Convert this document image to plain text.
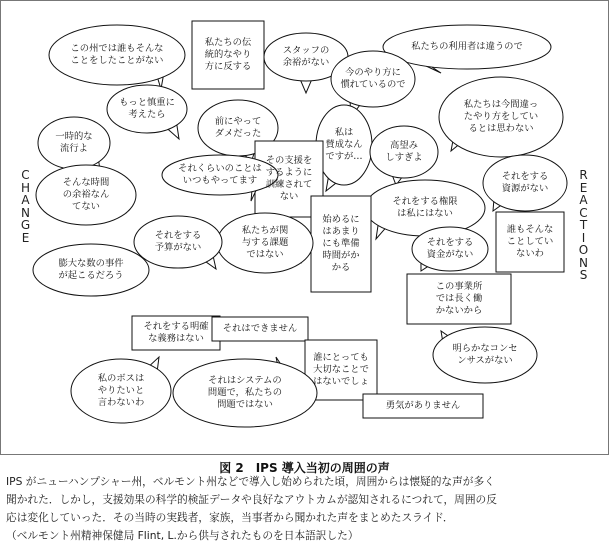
C
H
A
N
G
E
R
E
A
C
T
I
O
N
S
この州では誰もそんな
ことをしたことがない
私たちの伝
統的なやり
方に反する
スタッフの
余裕がない
私たちの利用者は違うので
今のやり方に
慣れているので
もっと慎重に
考えたら
私たちは今間違っ
たやり方をしてい
るとは思わない
前にやって
ダメだった
一時的な
流行よ
私は
賛成なん
ですが…
高望み
しすぎよ
その支援を
するように
訓練されて
ない
それくらいのことは
いつもやってます	それをする
資源がない
そんな時間
の余裕なん
てない	それをする権限
は私にはない
始めるに
はあまり
にも準備
時間がか
かる
私たちが関
与する課題
ではない
それをする
予算がない	それをする
資金がない
誰もそんな
ことしてい
ないわ
膨大な数の事件
が起こるだろう
この事業所
では長く働
かないから
それをする明確
な義務はない
それはできません
明らかなコンセ
ンサスがない
誰にとっても
大切なことで
はないでしょ
私のボスは
やりたいと
言わないわ
それはシステムの
問題で，私たちの
問題ではない	勇気がありません
図 2　IPS 導入当初の周囲の声
IPS がニューハンプシャー州，ベルモント州などで導入し始められた頃，周囲からは懐疑的な声が多く
聞かれた．しかし，支援効果の科学的検証データや良好なアウトカムが認知されるにつれて，周囲の反
応は変化していった．その当時の実践者，家族，当事者から聞かれた声をまとめたスライド．
（ベルモント州精神保健局 Flint, L.から供与されたものを日本語訳した）
